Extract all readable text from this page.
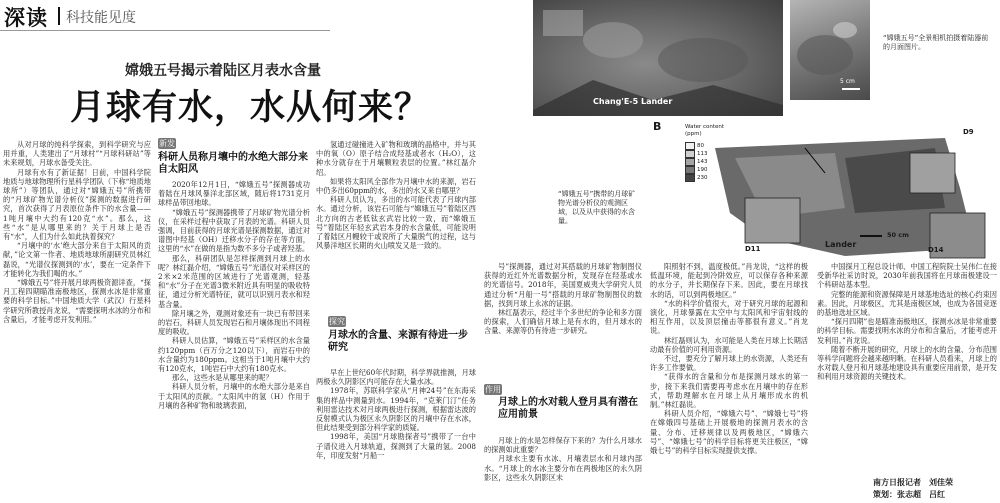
深读 科技能见度
嫦娥五号揭示着陆区月表水含量
月球有水，水从何来？	Chang'E-5 Lander
5 cm
“嫦娥五号”全景相机拍摄着陆器前的月面图片。
B	Water content (ppm)
80
113
143
190
230
D11
D9
D14
Lander
50 cm
“嫦娥五号”携带的月球矿物光谱分析仪的观测区域，以及从中获得的水含量。

从对月球的纯科学探索，到科学研究与应用并重，人类建出了“月球村”“月球科研站”等未来规划，月球水备受关注。

月球有水有了新证据！日前，中国科学院地质与地球物理所行星科学团队（下称“地质地球所”）等团队，通过对“嫦娥五号”所携带的“月球矿物光谱分析仪”探测的数据进行研究，首次获得了月表原位条件下的水含量——1吨月壤中大约有120克“水”。那么，这些“水”是从哪里来的？关于月球上是否有“水”，人们为什么如此执着探究？

“月壤中的‘水’绝大部分来自于太阳风的贡献，”论文第一作者、地质地球所副研究员林红磊说，“光谱仪探测到的‘水’，要在一定条件下才能转化为我们喝的水。”

“嫦娥五号”将开展月球两极资源详查，“探月工程四期瞄准南极地区，探测水冰是非常重要的科学目标。”中国地质大学（武汉）行星科学研究所教授肖龙说，“需要探明水冰的分布和含量后，才能考虑开发利用。”

新发
科研人员称月壤中的水绝大部分来自太阳风

2020年12月1日，“嫦娥五号”探测器成功着陆在月球风暴洋北部区域，随后将1731克月球样品带回地球。

“嫦娥五号”探测器携带了月球矿物光谱分析仪，在采样过程中获取了月表的光谱。科研人员强调，目前获得的月球光谱是探测数据，通过对谱图中羟基（OH）迁移水分子的存在等方面，这里的“水”在做的是指为数不多分子或者羟基。

那么，科研团队是怎样探测到月球上的水呢？林红磊介绍，“嫦娥五号”光谱仪对采样区的2米×2米范围的区域进行了光谱观测，轻基和“水”分子在光谱3微米附近具有明显的吸收特征，通过分析光谱特征，就可以识别月表水和羟基含量。

除月壤之外，观测对象还有一块已有带回来的岩石，科研人员发现岩石和月壤体现出不同程度的吸收。

科研人员估算，“嫦娥五号”采样区的水含量约120ppm（百万分之120以下），而岩石中的水含量约为180ppm。这相当于1吨月壤中大约有120克水，1吨岩石中大约有180克水。

那么，这些水是从哪里来的呢？

科研人员分析，月壤中的水绝大部分是来自于太阳风的贡献。“太阳风中的氢（H）作用于月壤的各种矿物和玻璃表面，

氢通过碰撞进入矿物和玻璃的晶格中，并与其中的氧（O）原子结合成羟基或者水（H₂O），这种水分就存在于月壤颗粒表层的位置。”林红磊介绍。

如果将太阳风全部作为月壤中水的来源，岩石中仍多出60ppm的水，多出的水又来自哪里？

科研人员认为，多出的水可能代表了月球内部水。通过分析，该岩石可能与“嫦娥五号”着陆区西北方向的古老低钛玄武岩比较一致，而“嫦娥五号”着陆区年轻玄武岩本身的水含量低，可能说明了着陆区月幔较干或说所了大量脱气的过程，这与风暴洋地区长期的火山喷发又是一致的。

探究
月球水的含量、来源有待进一步研究

早在上世纪60年代时期，科学界就推测，月球两极永久阴影区内可能存在大量水冰。

1978年，苏联科学家从“月神24号”在东海采集的样品中测量到水。1994年，“克莱门汀”任务利用雷达技术对月球两极进行探测，根据雷达波的反射模式认为极区永久阴影区的月壤中存在水冰，但此结果受到部分科学家的质疑。

1998年，美国“月球勘探者号”携带了一台中子谱仪进入月球轨道，探测到了大量的氢。2008年，印度发射“月船一

号”探测器，通过对其搭载的月球矿物制图仪获得的近红外光谱数据分析，发现存在羟基或水的光谱信号。2018年，美国夏威夷大学研究人员通过分析“月船一号”搭载的月球矿物制图仪的数据，找到月球上永冰的证据。

林红磊表示，经过半个多世纪的争论和多方面的探索，人们确信月球上是有水的，但月球水的含量、来源等仍有待进一步研究。

作用
月球上的水对载人登月具有潜在应用前景

月球上的水是怎样保存下来的？为什么月球水的探测如此重要？

月球水主要有水冰、月壤表层水和月球内部水。“月球上的水冰主要分布在两极地区的永久阴影区，这些永久阴影区未

阳照射不到，温度极低。”肖龙说，“这样的极低温环境，能起到冷阱效应，可以保存各种来源的水分子，并长期保存下来。因此，要在月球找水的话，可以到两极地区。”

“水的科学价值很大，对于研究月球的起源和演化，月球暴露在太空中与太阳风和宇宙射线的相互作用，以及顶层撞击等都很有意义。”肖龙说。

林红磊则认为，水可能是人类在月球上长期活动最有价值的可利用资源。

不过，要充分了解月球上的水资源，人类还有许多工作要做。

“获得水的含量和分布是探测月球水的第一步，接下来我们需要再考虑水在月壤中的存在形式，帮助理解水在月球上从月壤形成水的机制。”林红磊说。

科研人员介绍，“嫦娥六号”、“嫦娥七号”将在嫦娥四号基础上开展极地的探测月表水的含量、分布、迁移规律以及两极地区，“嫦娥六号”、“嫦娥七号”的科学目标将更关注极区，“嫦娥七号”的科学目标实现提供支撑。

中国探月工程总设计师、中国工程院院士吴伟仁在接受新华社采访时说，2030年前我国将在月球南极建设一个科研站基本型。

完整的能源和资源保障是月球基地选址的核心约束因素。因此，月球极区，尤其是南极区域，也成为各国竞逐的基地选址区域。

“探月四期”也是瞄准南极地区，探测水冰是非常重要的科学目标。需要找明水冰的分布和含量后，才能考虑开发利用。”肖龙说。

随着不断开展的研究，月球上的水的含量、分布范围等科学问题将会越来越明晰。在科研人员看来，月球上的水对载人登月和月球基地建设具有重要应用前景，是开发和利用月球资源的关键技术。

南方日报记者　刘佳荣
策划：张志超　吕红
